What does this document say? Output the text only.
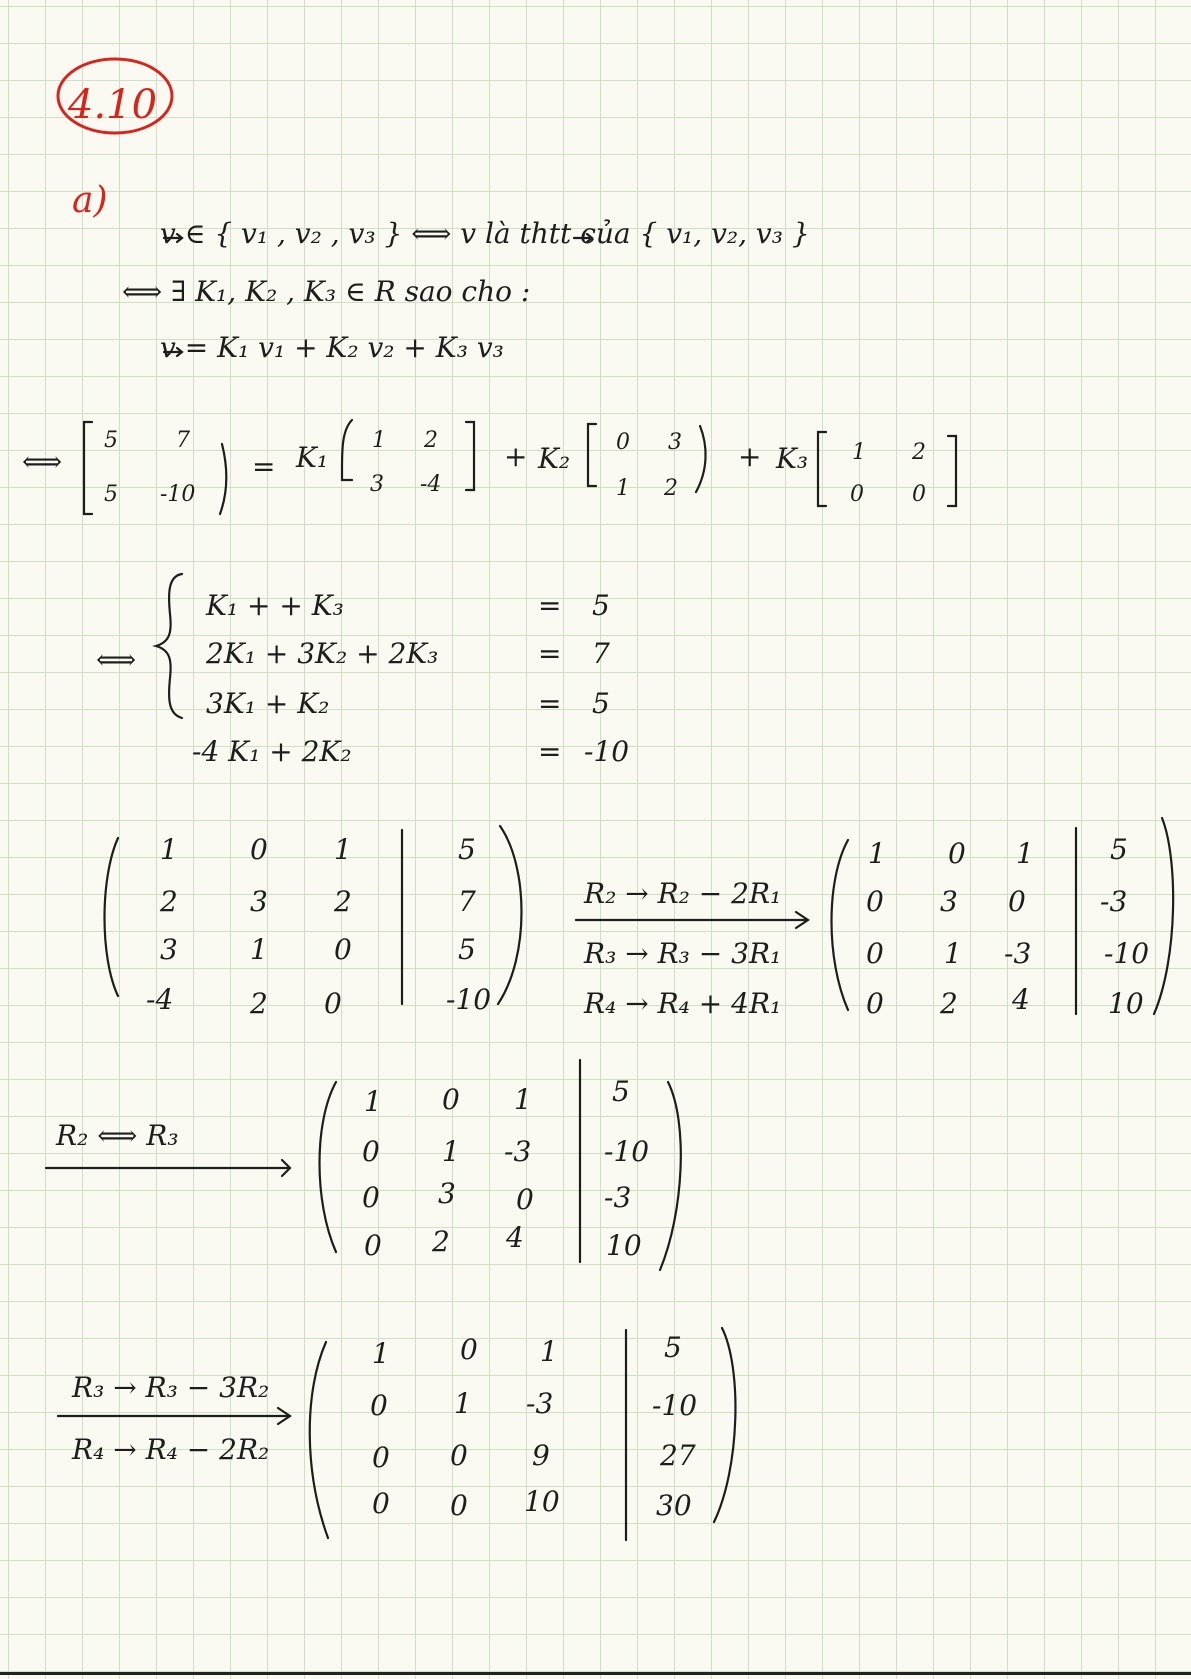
4.10
a)
v ∈ { v₁ , v₂ , v₃ } ⟺ v là thtt của { v₁, v₂, v₃ }
⟺ ∃ K₁, K₂ , K₃ ∈ R sao cho :
v = K₁ v₁ + K₂ v₂ + K₃ v₃
⟺
5	7
5 -10
= K₁
1 2
3 -4
+ K₂ 0 3
1 2
+ K₃ 1 2
0 0
⟺
K₁ + + K₃	= 5
2K₁ + 3K₂ + 2K₃	= 7
3K₁ + K₂	= 5
-4 K₁ + 2K₂	= -10
1	0 1	5
2	3 2	7
3	1 0	5
-4	2 0	-10
R₂ → R₂ − 2R₁
R₃ → R₃ − 3R₁
R₄ → R₄ + 4R₁
1 0 1	5
0 3 0	-3
0 1 -3	-10
0 2 4	10
R₂ ⟺ R₃
1 0 1	5
0 1 -3	-10
0 3 0	-3
0 2 4	10
R₃ → R₃ − 3R₂
R₄ → R₄ − 2R₂
1	0 1	5
0 1 -3	-10
0 0 9	27
0 0 10	30
